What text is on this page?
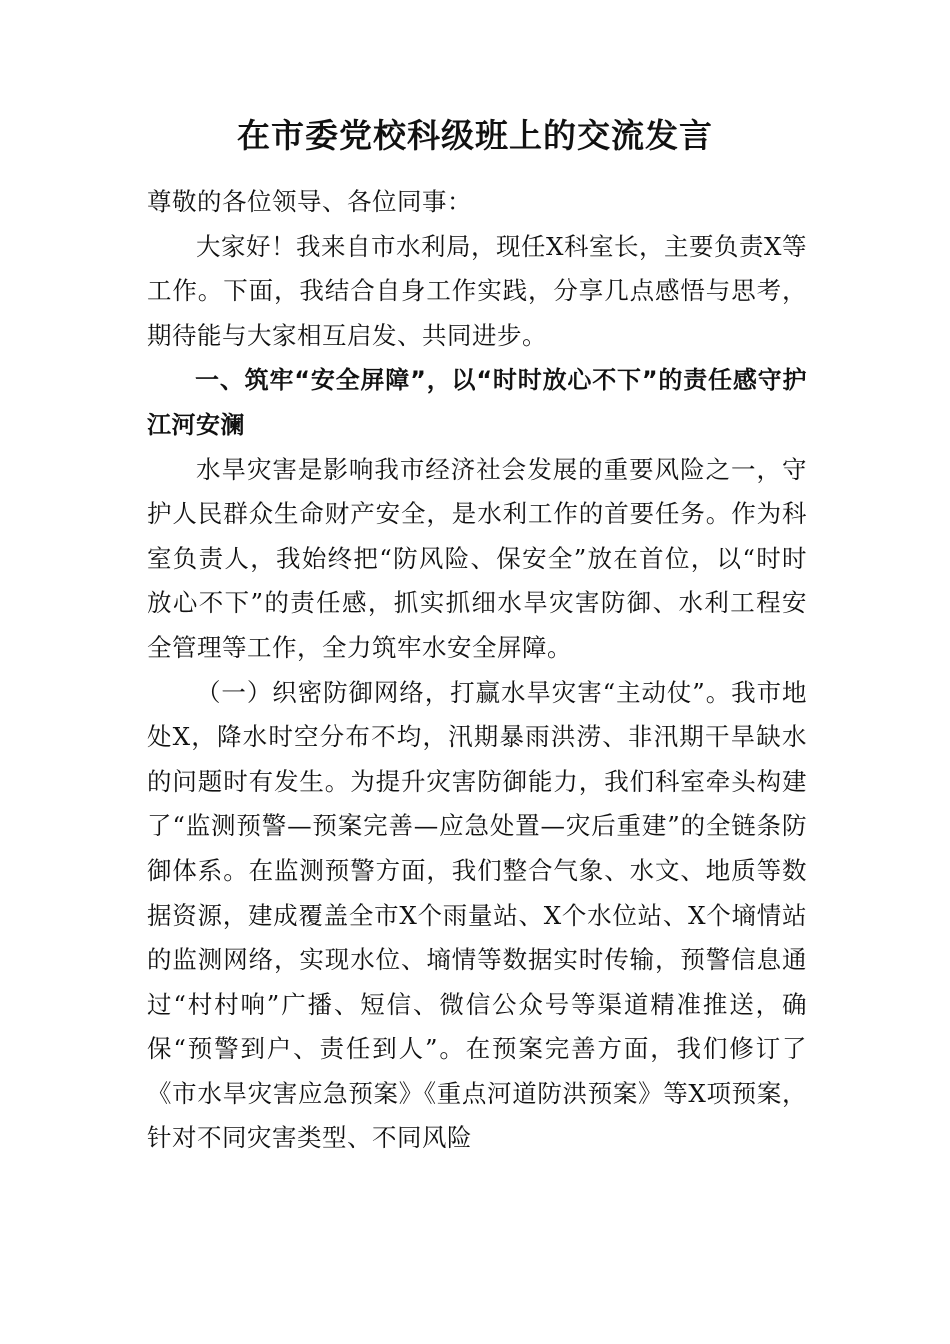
在市委党校科级班上的交流发言

尊敬的各位领导、各位同事：

大家好！我来自市水利局，现任X科室长，主要负责X等工作。下面，我结合自身工作实践，分享几点感悟与思考，期待能与大家相互启发、共同进步。

一、筑牢“安全屏障”，以“时时放心不下”的责任感守护江河安澜

水旱灾害是影响我市经济社会发展的重要风险之一，守护人民群众生命财产安全，是水利工作的首要任务。作为科室负责人，我始终把“防风险、保安全”放在首位，以“时时放心不下”的责任感，抓实抓细水旱灾害防御、水利工程安全管理等工作，全力筑牢水安全屏障。

（一）织密防御网络，打赢水旱灾害“主动仗”。我市地处X，降水时空分布不均，汛期暴雨洪涝、非汛期干旱缺水的问题时有发生。为提升灾害防御能力，我们科室牵头构建了“监测预警—预案完善—应急处置—灾后重建”的全链条防御体系。在监测预警方面，我们整合气象、水文、地质等数据资源，建成覆盖全市X个雨量站、X个水位站、X个墒情站的监测网络，实现水位、墒情等数据实时传输，预警信息通过“村村响”广播、短信、微信公众号等渠道精准推送，确保“预警到户、责任到人”。在预案完善方面，我们修订了《市水旱灾害应急预案》《重点河道防洪预案》等X项预案，针对不同灾害类型、不同风险
